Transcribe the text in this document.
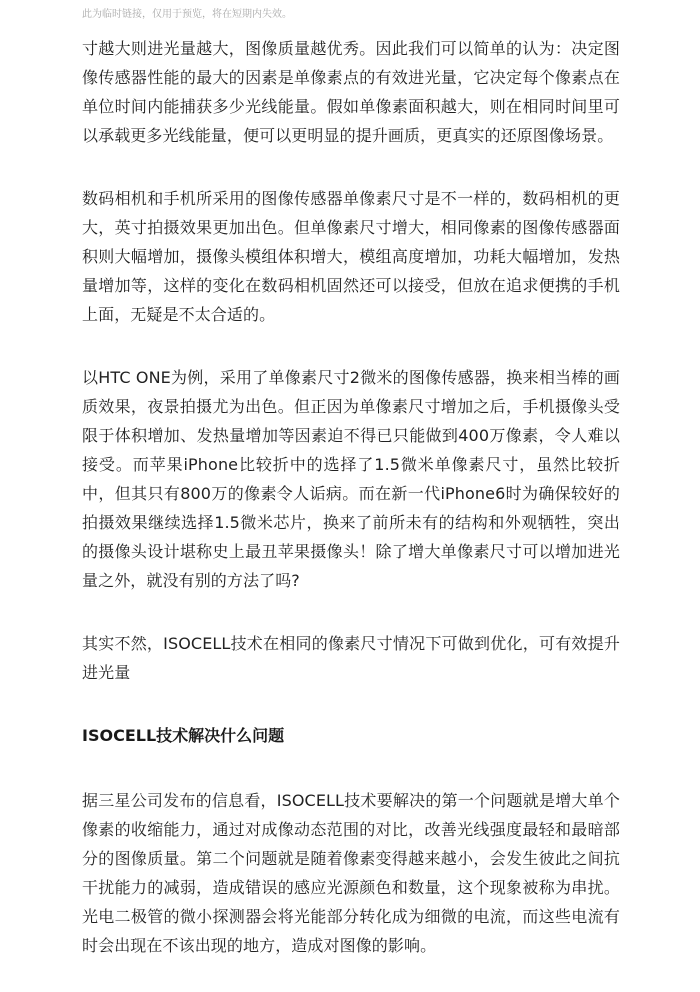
此为临时链接，仅用于预览，将在短期内失效。

寸越大则进光量越大，图像质量越优秀。因此我们可以简单的认为：决定图像传感器性能的最大的因素是单像素点的有效进光量，它决定每个像素点在单位时间内能捕获多少光线能量。假如单像素面积越大，则在相同时间里可以承载更多光线能量，便可以更明显的提升画质，更真实的还原图像场景。

数码相机和手机所采用的图像传感器单像素尺寸是不一样的，数码相机的更大，英寸拍摄效果更加出色。但单像素尺寸增大，相同像素的图像传感器面积则大幅增加，摄像头模组体积增大，模组高度增加，功耗大幅增加，发热量增加等，这样的变化在数码相机固然还可以接受，但放在追求便携的手机上面，无疑是不太合适的。

以HTC ONE为例，采用了单像素尺寸2微米的图像传感器，换来相当棒的画质效果，夜景拍摄尤为出色。但正因为单像素尺寸增加之后，手机摄像头受限于体积增加、发热量增加等因素迫不得已只能做到400万像素，令人难以接受。而苹果iPhone比较折中的选择了1.5微米单像素尺寸，虽然比较折中，但其只有800万的像素令人诟病。而在新一代iPhone6时为确保较好的拍摄效果继续选择1.5微米芯片，换来了前所未有的结构和外观牺牲，突出的摄像头设计堪称史上最丑苹果摄像头！除了增大单像素尺寸可以增加进光量之外，就没有别的方法了吗?

其实不然，ISOCELL技术在相同的像素尺寸情况下可做到优化，可有效提升进光量

ISOCELL技术解决什么问题

据三星公司发布的信息看，ISOCELL技术要解决的第一个问题就是增大单个像素的收缩能力，通过对成像动态范围的对比，改善光线强度最轻和最暗部分的图像质量。第二个问题就是随着像素变得越来越小，会发生彼此之间抗干扰能力的减弱，造成错误的感应光源颜色和数量，这个现象被称为串扰。光电二极管的微小探测器会将光能部分转化成为细微的电流，而这些电流有时会出现在不该出现的地方，造成对图像的影响。
